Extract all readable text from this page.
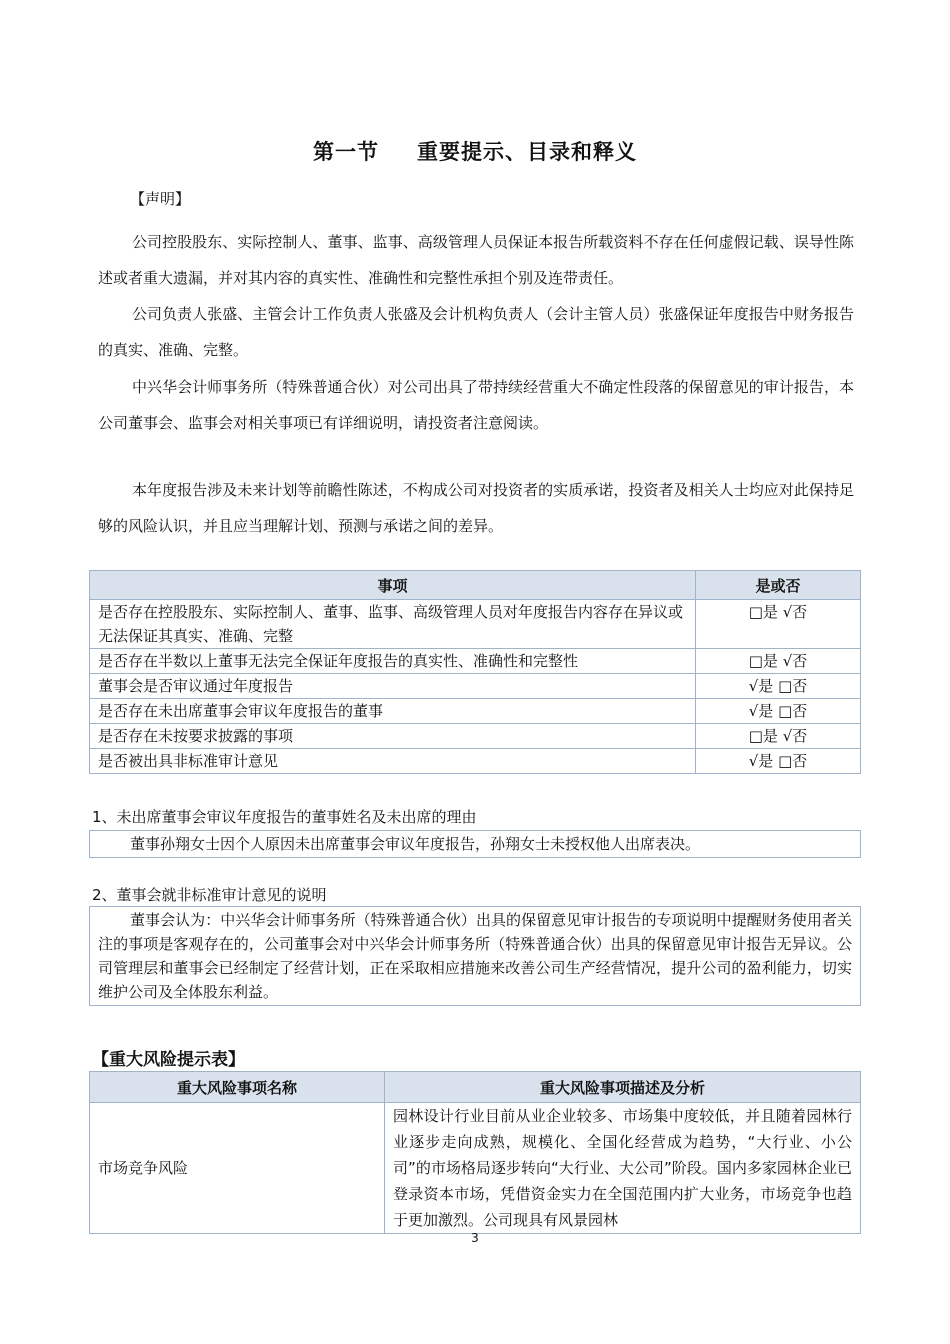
第一节 重要提示、目录和释义
【声明】
公司控股股东、实际控制人、董事、监事、高级管理人员保证本报告所载资料不存在任何虚假记载、误导性陈述或者重大遗漏，并对其内容的真实性、准确性和完整性承担个别及连带责任。
公司负责人张盛、主管会计工作负责人张盛及会计机构负责人（会计主管人员）张盛保证年度报告中财务报告的真实、准确、完整。
中兴华会计师事务所（特殊普通合伙）对公司出具了带持续经营重大不确定性段落的保留意见的审计报告，本公司董事会、监事会对相关事项已有详细说明，请投资者注意阅读。
本年度报告涉及未来计划等前瞻性陈述，不构成公司对投资者的实质承诺，投资者及相关人士均应对此保持足够的风险认识，并且应当理解计划、预测与承诺之间的差异。
事项	是或否
是否存在控股股东、实际控制人、董事、监事、高级管理人员对年度报告内容存在异议或无法保证其真实、准确、完整	□是 √否
是否存在半数以上董事无法完全保证年度报告的真实性、准确性和完整性	□是 √否
董事会是否审议通过年度报告	√是 □否
是否存在未出席董事会审议年度报告的董事	√是 □否
是否存在未按要求披露的事项	□是 √否
是否被出具非标准审计意见	√是 □否
1、未出席董事会审议年度报告的董事姓名及未出席的理由
董事孙翔女士因个人原因未出席董事会审议年度报告，孙翔女士未授权他人出席表决。
2、董事会就非标准审计意见的说明
董事会认为：中兴华会计师事务所（特殊普通合伙）出具的保留意见审计报告的专项说明中提醒财务使用者关注的事项是客观存在的，公司董事会对中兴华会计师事务所（特殊普通合伙）出具的保留意见审计报告无异议。公司管理层和董事会已经制定了经营计划，正在采取相应措施来改善公司生产经营情况，提升公司的盈利能力，切实维护公司及全体股东利益。
【重大风险提示表】
重大风险事项名称	重大风险事项描述及分析
市场竞争风险	园林设计行业目前从业企业较多、市场集中度较低，并且随着园林行业逐步走向成熟，规模化、全国化经营成为趋势，“大行业、小公司”的市场格局逐步转向“大行业、大公司”阶段。国内多家园林企业已登录资本市场，凭借资金实力在全国范围内扩大业务，市场竞争也趋于更加激烈。公司现具有风景园林
3
